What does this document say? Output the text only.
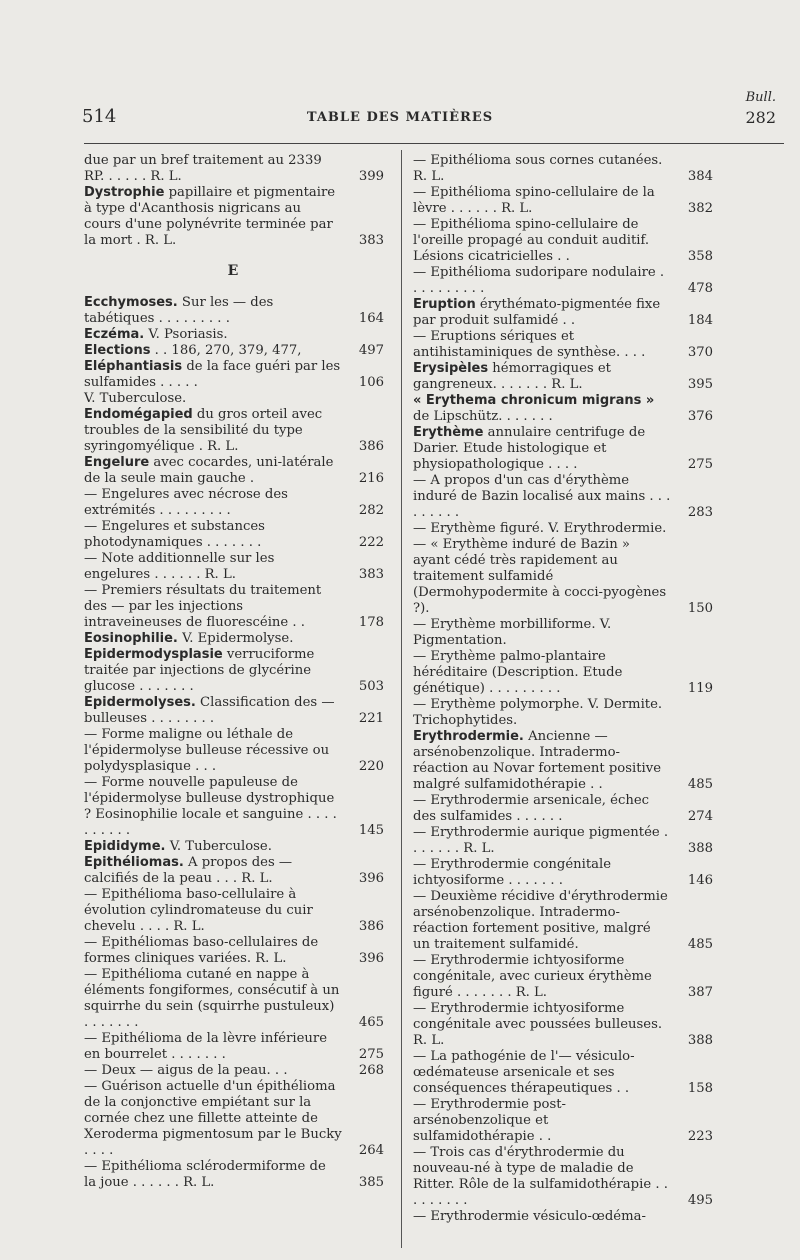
514	TABLE DES MATIÈRES
Bull.
282
due par un bref traitement au 2339 RP. . . . . . R. L.	399
Dystrophie papillaire et pigmentaire à type d'Acanthosis nigricans au cours d'une polynévrite terminée par la mort . R. L.	383
E
Ecchymoses. Sur les — des tabétiques . . . . . . . . .	164
Eczéma. V. Psoriasis.
Elections . . 186, 270, 379, 477,	497
Eléphantiasis de la face guéri par les sulfamides . . . . .	106
V. Tuberculose.
Endomégapied du gros orteil avec troubles de la sensibilité du type syringomyélique . R. L.	386
Engelure avec cocardes, uni-latérale de la seule main gauche .	216
— Engelures avec nécrose des extrémités . . . . . . . . .	282
— Engelures et substances photodynamiques . . . . . . .	222
— Note additionnelle sur les engelures . . . . . . R. L.	383
— Premiers résultats du traitement des — par les injections intraveineuses de fluorescéine . .	178
Eosinophilie. V. Epidermolyse.
Epidermodysplasie verruciforme traitée par injections de glycérine glucose . . . . . . .	503
Epidermolyses. Classification des — bulleuses . . . . . . . .	221
— Forme maligne ou léthale de l'épidermolyse bulleuse récessive ou polydysplasique . . .	220
— Forme nouvelle papuleuse de l'épidermolyse bulleuse dystrophique ? Eosinophilie locale et sanguine . . . . . . . . . .	145
Epididyme. V. Tuberculose.
Epithéliomas. A propos des — calcifiés de la peau . . . R. L.	396
— Epithélioma baso-cellulaire à évolution cylindromateuse du cuir chevelu . . . . R. L.	386
— Epithéliomas baso-cellulaires de formes cliniques variées. R. L.	396
— Epithélioma cutané en nappe à éléments fongiformes, consécutif à un squirrhe du sein (squirrhe pustuleux) . . . . . . .	465
— Epithélioma de la lèvre inférieure en bourrelet . . . . . . .	275
— Deux — aigus de la peau. . .	268
— Guérison actuelle d'un épithélioma de la conjonctive empiétant sur la cornée chez une fillette atteinte de Xeroderma pigmentosum par le Bucky . . . .	264
— Epithélioma sclérodermiforme de la joue . . . . . . R. L.	385
— Epithélioma sous cornes cutanées. R. L.	384
— Epithélioma spino-cellulaire de la lèvre . . . . . . R. L.	382
— Epithélioma spino-cellulaire de l'oreille propagé au conduit auditif. Lésions cicatricielles . .	358
— Epithélioma sudoripare nodulaire . . . . . . . . . .	478
Eruption érythémato-pigmentée fixe par produit sulfamidé . .	184
— Eruptions sériques et antihistaminiques de synthèse. . . .	370
Erysipèles hémorragiques et gangreneux. . . . . . . R. L.	395
« Erythema chronicum migrans » de Lipschütz. . . . . . .	376
Erythème annulaire centrifuge de Darier. Etude histologique et physiopathologique . . . .	275
— A propos d'un cas d'érythème induré de Bazin localisé aux mains . . . . . . . . .	283
— Erythème figuré. V. Erythrodermie.
— « Erythème induré de Bazin » ayant cédé très rapidement au traitement sulfamidé (Dermohypodermite à cocci-pyogènes ?).	150
— Erythème morbilliforme. V. Pigmentation.
— Erythème palmo-plantaire héréditaire (Description. Etude génétique) . . . . . . . . .	119
— Erythème polymorphe. V. Dermite. Trichophytides.
Erythrodermie. Ancienne — arsénobenzolique. Intradermo-réaction au Novar fortement positive malgré sulfamidothérapie . .	485
— Erythrodermie arsenicale, échec des sulfamides . . . . . .	274
— Erythrodermie aurique pigmentée . . . . . . . R. L.	388
— Erythrodermie congénitale ichtyosiforme . . . . . . .	146
— Deuxième récidive d'érythrodermie arsénobenzolique. Intradermo-réaction fortement positive, malgré un traitement sulfamidé.	485
— Erythrodermie ichtyosiforme congénitale, avec curieux érythème figuré . . . . . . . R. L.	387
— Erythrodermie ichtyosiforme congénitale avec poussées bulleuses. R. L.	388
— La pathogénie de l'— vésiculo-œdémateuse arsenicale et ses conséquences thérapeutiques . .	158
— Erythrodermie post-arsénobenzolique et sulfamidothérapie . .	223
— Trois cas d'érythrodermie du nouveau-né à type de maladie de Ritter. Rôle de la sulfamidothérapie . . . . . . . . .	495
— Erythrodermie vésiculo-œdéma-
